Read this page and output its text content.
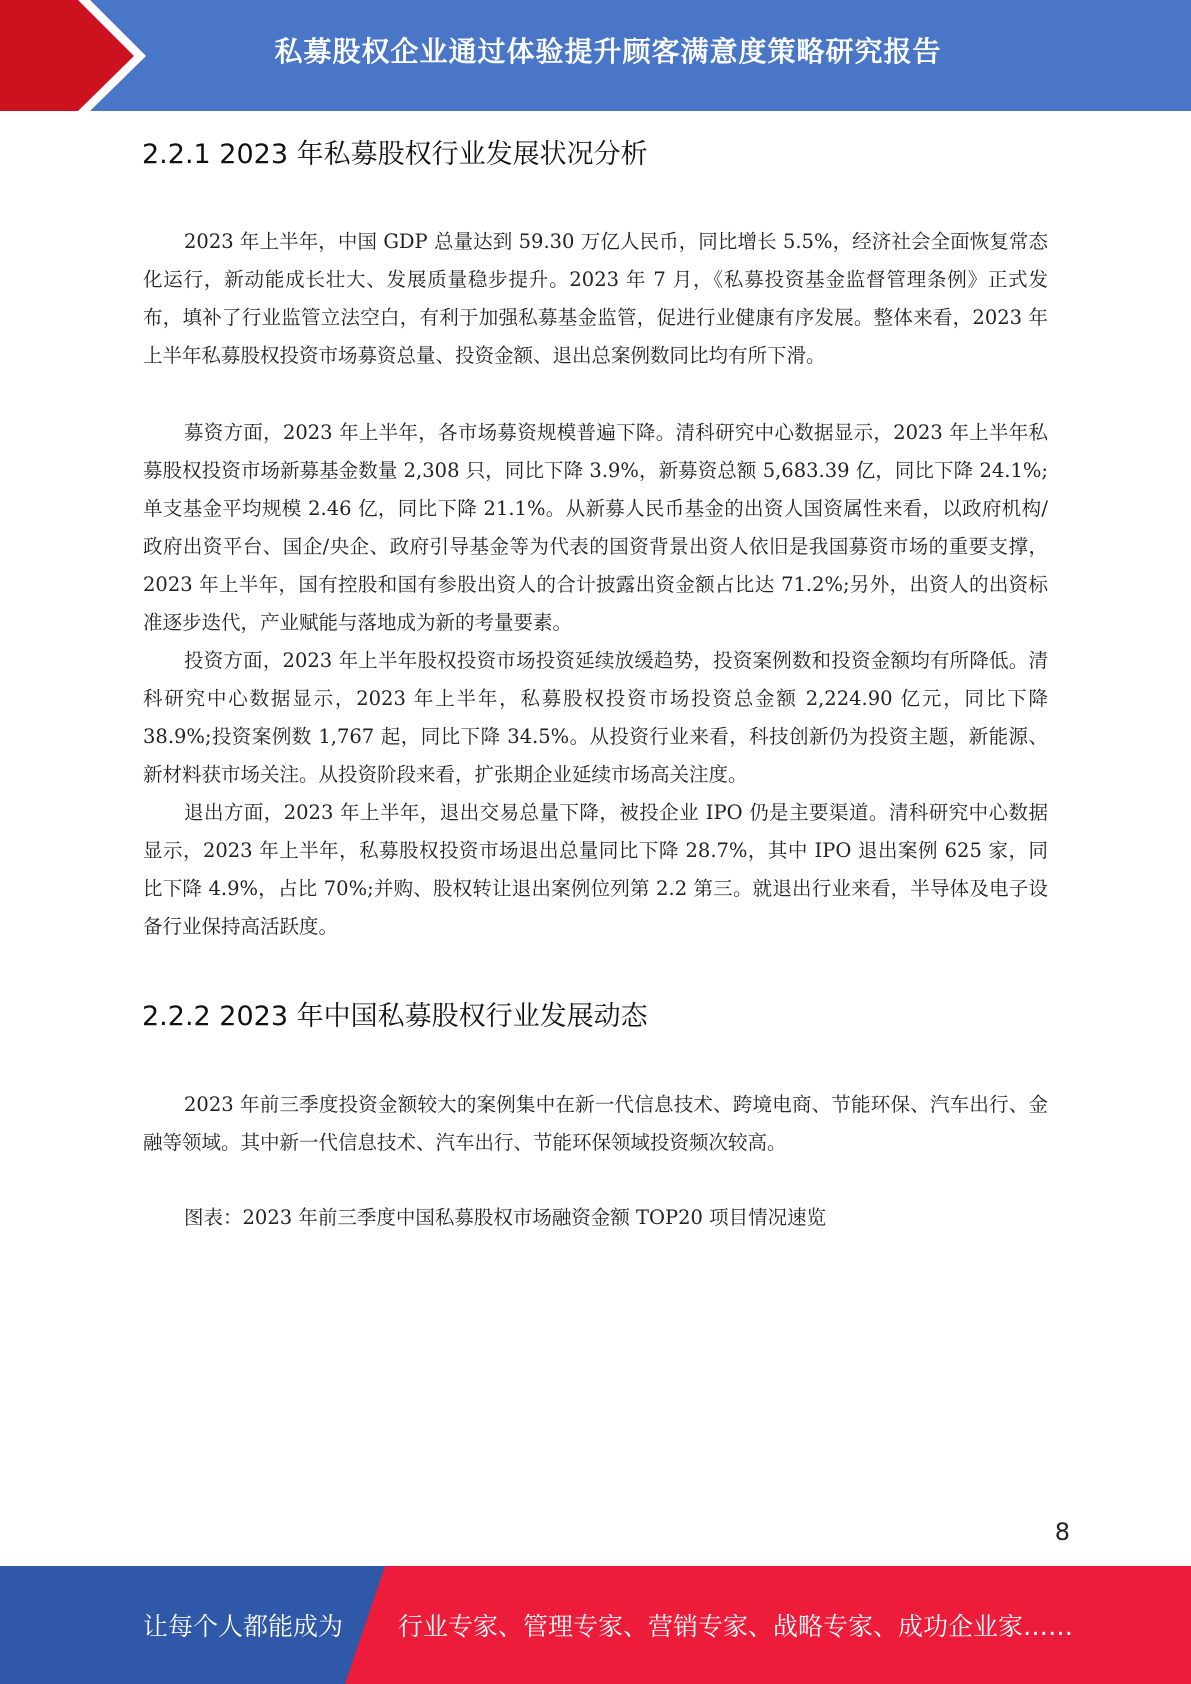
私募股权企业通过体验提升顾客满意度策略研究报告
2.2.1 2023 年私募股权行业发展状况分析

2023 年上半年，中国 GDP 总量达到 59.30 万亿人民币，同比增长 5.5%，经济社会全面恢复常态化运行，新动能成长壮大、发展质量稳步提升。2023 年 7 月，《私募投资基金监督管理条例》正式发布，填补了行业监管立法空白，有利于加强私募基金监管，促进行业健康有序发展。整体来看，2023 年上半年私募股权投资市场募资总量、投资金额、退出总案例数同比均有所下滑。

募资方面，2023 年上半年，各市场募资规模普遍下降。清科研究中心数据显示，2023 年上半年私募股权投资市场新募基金数量 2,308 只，同比下降 3.9%，新募资总额 5,683.39 亿，同比下降 24.1%;单支基金平均规模 2.46 亿，同比下降 21.1%。从新募人民币基金的出资人国资属性来看，以政府机构/政府出资平台、国企/央企、政府引导基金等为代表的国资背景出资人依旧是我国募资市场的重要支撑，2023 年上半年，国有控股和国有参股出资人的合计披露出资金额占比达 71.2%;另外，出资人的出资标准逐步迭代，产业赋能与落地成为新的考量要素。

投资方面，2023 年上半年股权投资市场投资延续放缓趋势，投资案例数和投资金额均有所降低。清科研究中心数据显示，2023 年上半年，私募股权投资市场投资总金额 2,224.90 亿元，同比下降 38.9%;投资案例数 1,767 起，同比下降 34.5%。从投资行业来看，科技创新仍为投资主题，新能源、新材料获市场关注。从投资阶段来看，扩张期企业延续市场高关注度。

退出方面，2023 年上半年，退出交易总量下降，被投企业 IPO 仍是主要渠道。清科研究中心数据显示，2023 年上半年，私募股权投资市场退出总量同比下降 28.7%，其中 IPO 退出案例 625 家，同比下降 4.9%，占比 70%;并购、股权转让退出案例位列第 2.2 第三。就退出行业来看，半导体及电子设备行业保持高活跃度。

2.2.2 2023 年中国私募股权行业发展动态

2023 年前三季度投资金额较大的案例集中在新一代信息技术、跨境电商、节能环保、汽车出行、金融等领域。其中新一代信息技术、汽车出行、节能环保领域投资频次较高。

图表：2023 年前三季度中国私募股权市场融资金额 TOP20 项目情况速览

8
让每个人都能成为 行业专家、管理专家、营销专家、战略专家、成功企业家……
